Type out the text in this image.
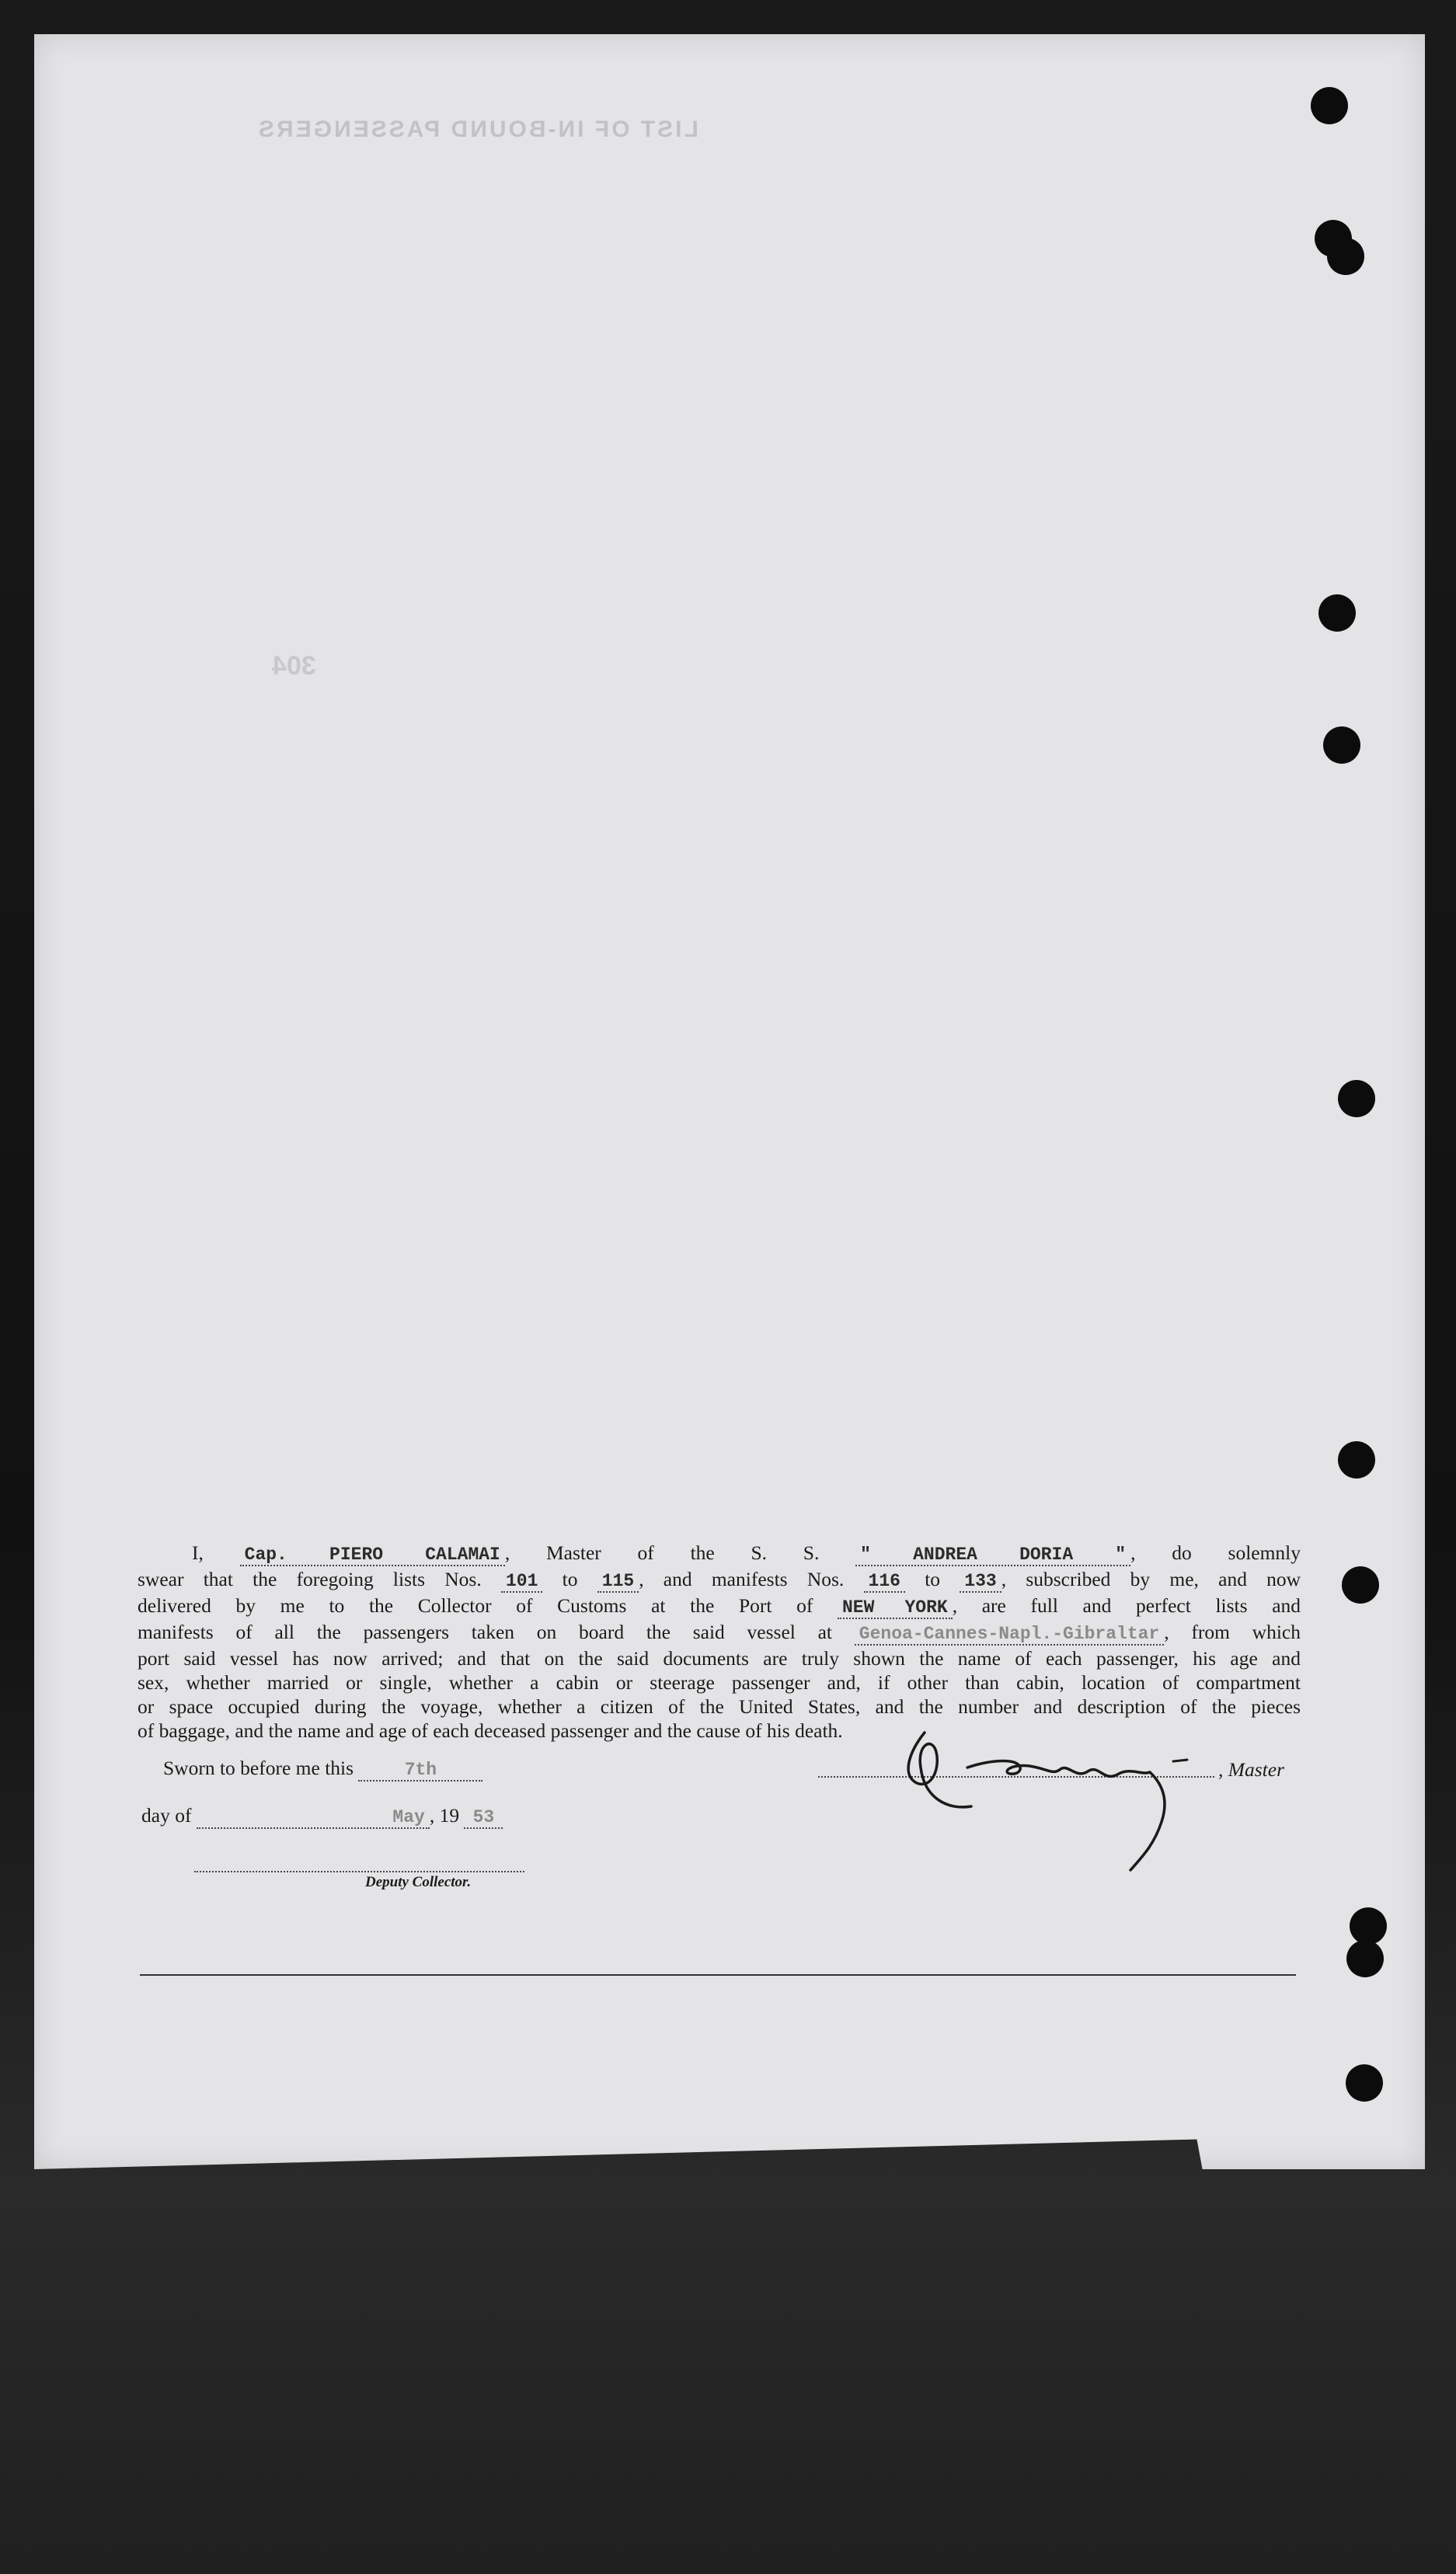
LIST OF IN-BOUND PASSENGERS
304
I, Cap. PIERO CALAMAI , Master of the S. S. " ANDREA DORIA " , do solemnly
swear that the foregoing lists Nos. 101 to 115 , and manifests Nos. 116 to 133 , subscribed by me, and now
delivered by me to the Collector of Customs at the Port of NEW YORK , are full and perfect lists and
manifests of all the passengers taken on board the said vessel at Genoa-Cannes-Napl.-Gibraltar , from which
port said vessel has now arrived; and that on the said documents are truly shown the name of each passenger, his age and
sex, whether married or single, whether a cabin or steerage passenger and, if other than cabin, location of compartment
or space occupied during the voyage, whether a citizen of the United States, and the number and description of the pieces
of baggage, and the name and age of each deceased passenger and the cause of his death.
Sworn to before me this	7th
day of	May , 19 53
Deputy Collector.
, Master
